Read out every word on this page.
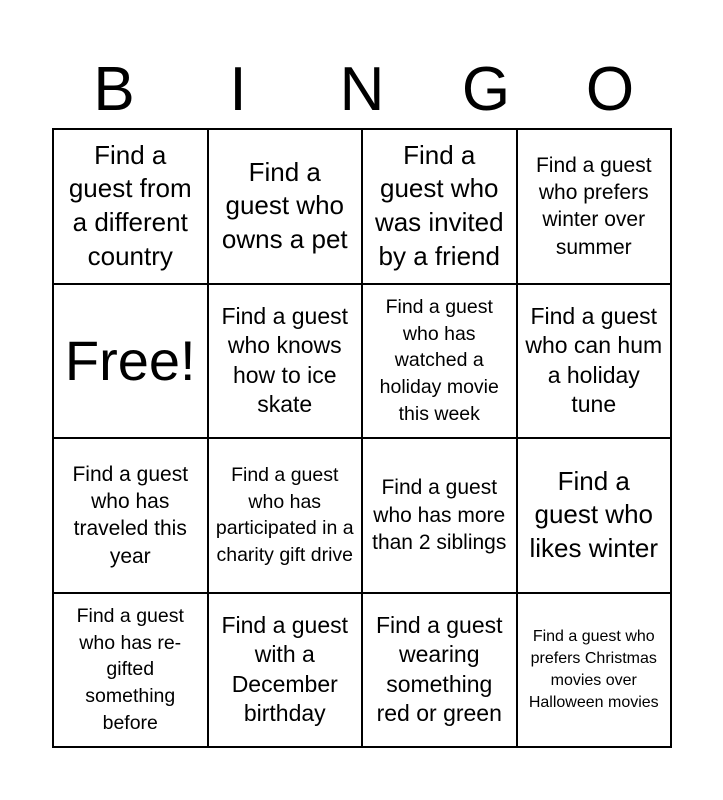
B	I	N	G	O
Find a guest from a different country
Find a guest who owns a pet
Find a guest who was invited by a friend
Find a guest who prefers winter over summer
Free!
Find a guest who knows how to ice skate
Find a guest who has watched a holiday movie this week
Find a guest who can hum a holiday tune
Find a guest who has traveled this year
Find a guest who has participated in a charity gift drive
Find a guest who has more than 2 siblings
Find a guest who likes winter
Find a guest who has re-gifted something before
Find a guest with a December birthday
Find a guest wearing something red or green
Find a guest who prefers Christmas movies over Halloween movies
